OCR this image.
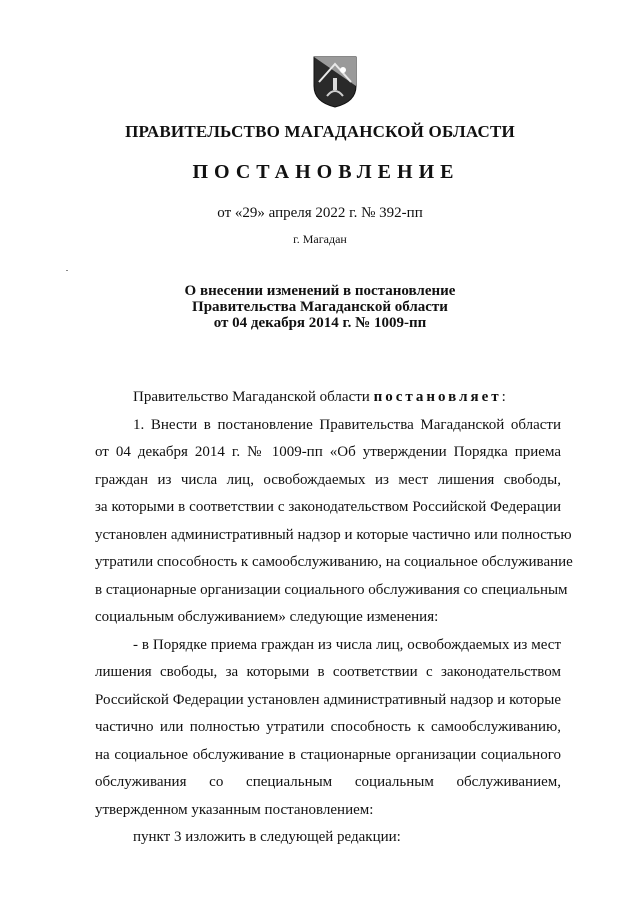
ПРАВИТЕЛЬСТВО МАГАДАНСКОЙ ОБЛАСТИ
ПОСТАНОВЛЕНИЕ
от «29» апреля 2022 г. № 392-пп
г. Магадан
О внесении изменений в постановление
Правительства Магаданской области
от 04 декабря 2014 г. № 1009-пп

Правительство Магаданской области постановляет:

1. Внести в постановление Правительства Магаданской области

от 04 декабря 2014 г. № 1009-пп «Об утверждении Порядка приема

граждан из числа лиц, освобождаемых из мест лишения свободы,

за которыми в соответствии с законодательством Российской Федерации

установлен административный надзор и которые частично или полностью

утратили способность к самообслуживанию, на социальное обслуживание

в стационарные организации социального обслуживания со специальным

социальным обслуживанием» следующие изменения:

- в Порядке приема граждан из числа лиц, освобождаемых из мест

лишения свободы, за которыми в соответствии с законодательством

Российской Федерации установлен административный надзор и которые

частично или полностью утратили способность к самообслуживанию,

на социальное обслуживание в стационарные организации социального

обслуживания со специальным социальным обслуживанием,

утвержденном указанным постановлением:

пункт 3 изложить в следующей редакции:
